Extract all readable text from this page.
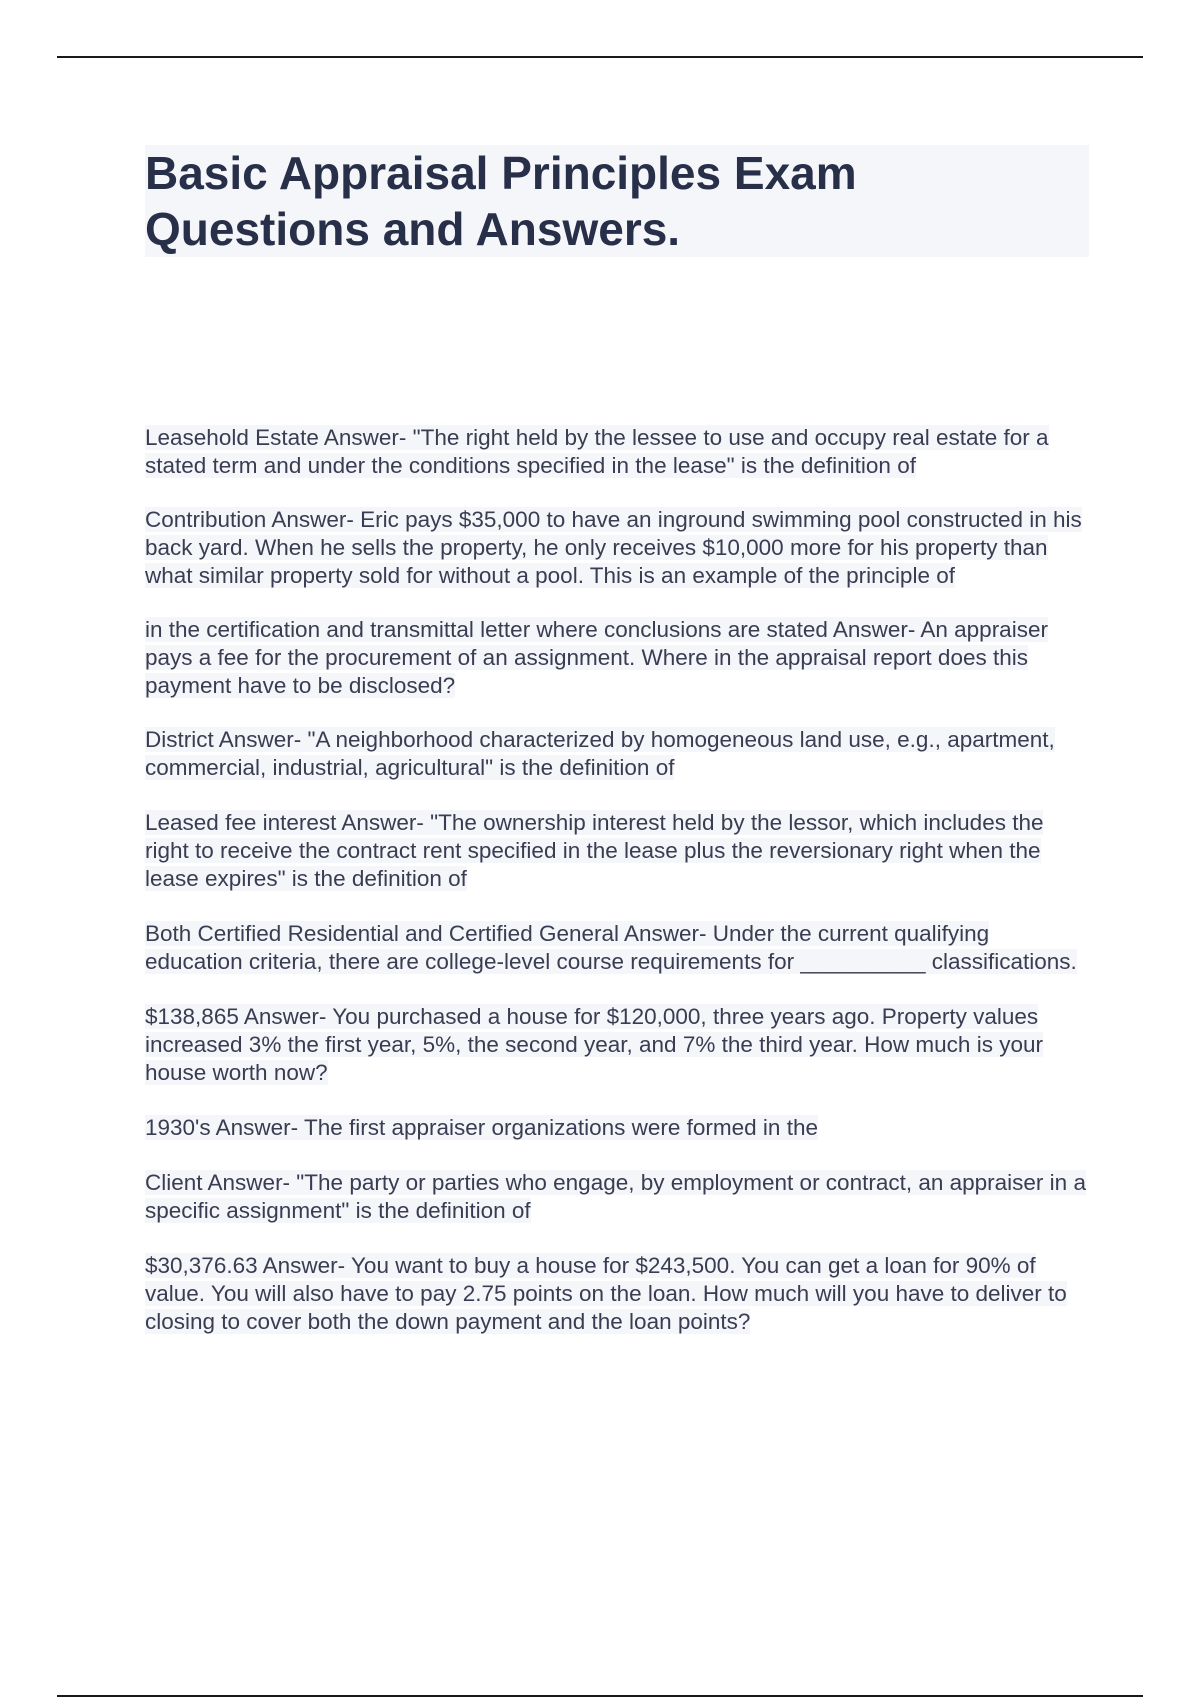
Basic Appraisal Principles Exam Questions and Answers.

Leasehold Estate Answer- "The right held by the lessee to use and occupy real estate for a stated term and under the conditions specified in the lease" is the definition of

Contribution Answer- Eric pays $35,000 to have an inground swimming pool constructed in his back yard. When he sells the property, he only receives $10,000 more for his property than what similar property sold for without a pool. This is an example of the principle of

in the certification and transmittal letter where conclusions are stated Answer- An appraiser pays a fee for the procurement of an assignment. Where in the appraisal report does this payment have to be disclosed?

District Answer- "A neighborhood characterized by homogeneous land use, e.g., apartment, commercial, industrial, agricultural" is the definition of

Leased fee interest Answer- "The ownership interest held by the lessor, which includes the right to receive the contract rent specified in the lease plus the reversionary right when the lease expires" is the definition of

Both Certified Residential and Certified General Answer- Under the current qualifying education criteria, there are college-level course requirements for __________ classifications.

$138,865 Answer- You purchased a house for $120,000, three years ago. Property values increased 3% the first year, 5%, the second year, and 7% the third year. How much is your house worth now?

1930's Answer- The first appraiser organizations were formed in the

Client Answer- "The party or parties who engage, by employment or contract, an appraiser in a specific assignment" is the definition of

$30,376.63 Answer- You want to buy a house for $243,500. You can get a loan for 90% of value. You will also have to pay 2.75 points on the loan. How much will you have to deliver to closing to cover both the down payment and the loan points?
